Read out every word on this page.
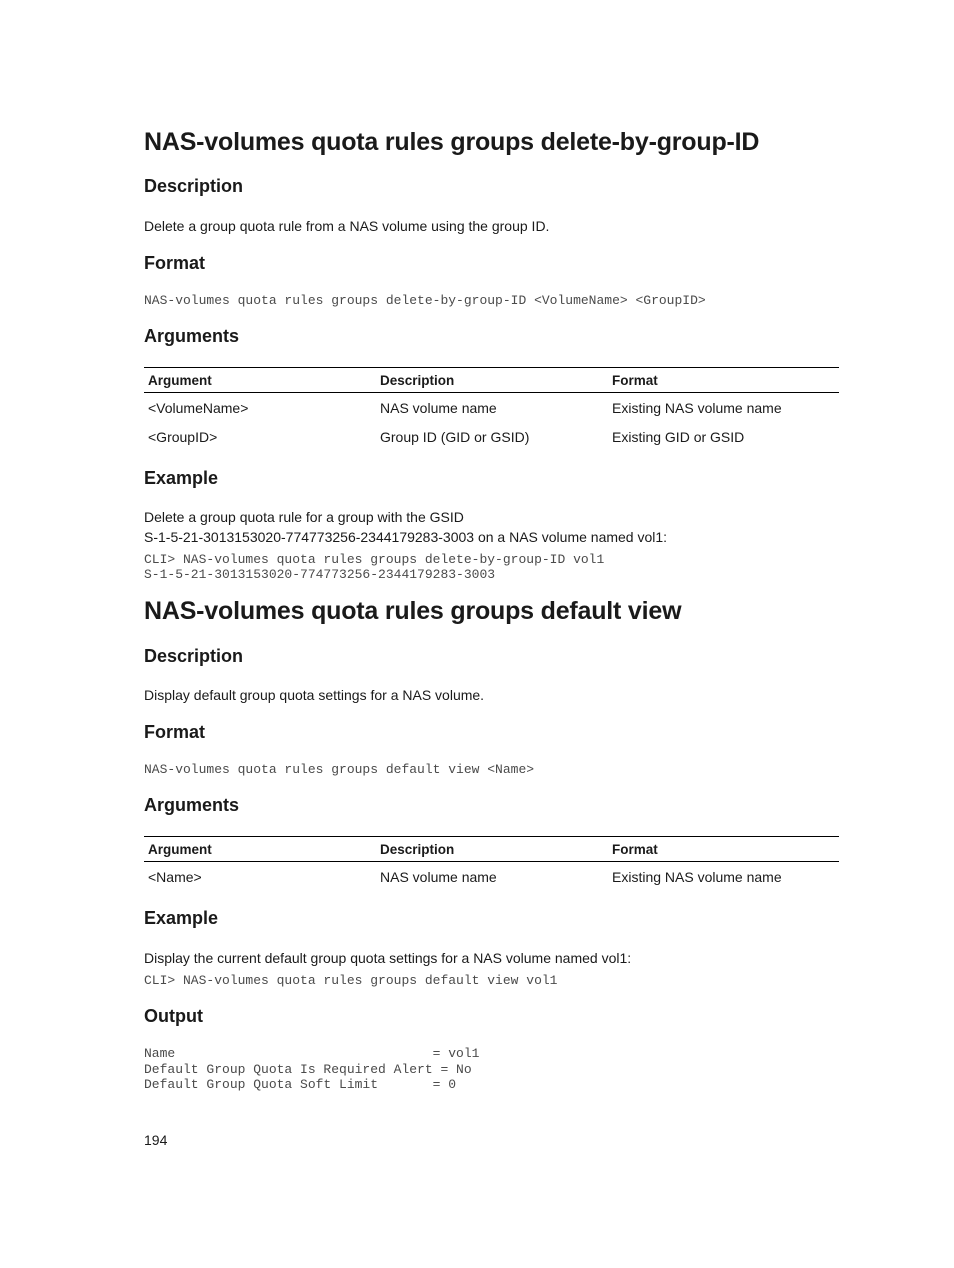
NAS-volumes quota rules groups delete-by-group-ID
Description
Delete a group quota rule from a NAS volume using the group ID.
Format
NAS-volumes quota rules groups delete-by-group-ID <VolumeName> <GroupID>
Arguments
Argument	Description	Format
<VolumeName>	NAS volume name	Existing NAS volume name
<GroupID>	Group ID (GID or GSID)	Existing GID or GSID
Example
Delete a group quota rule for a group with the GSID
S-1-5-21-3013153020-774773256-2344179283-3003 on a NAS volume named vol1:
CLI> NAS-volumes quota rules groups delete-by-group-ID vol1
S-1-5-21-3013153020-774773256-2344179283-3003
NAS-volumes quota rules groups default view
Description
Display default group quota settings for a NAS volume.
Format
NAS-volumes quota rules groups default view <Name>
Arguments
Argument	Description	Format
<Name>	NAS volume name	Existing NAS volume name
Example
Display the current default group quota settings for a NAS volume named vol1:
CLI> NAS-volumes quota rules groups default view vol1
Output
Name                                 = vol1
Default Group Quota Is Required Alert = No
Default Group Quota Soft Limit       = 0
194
